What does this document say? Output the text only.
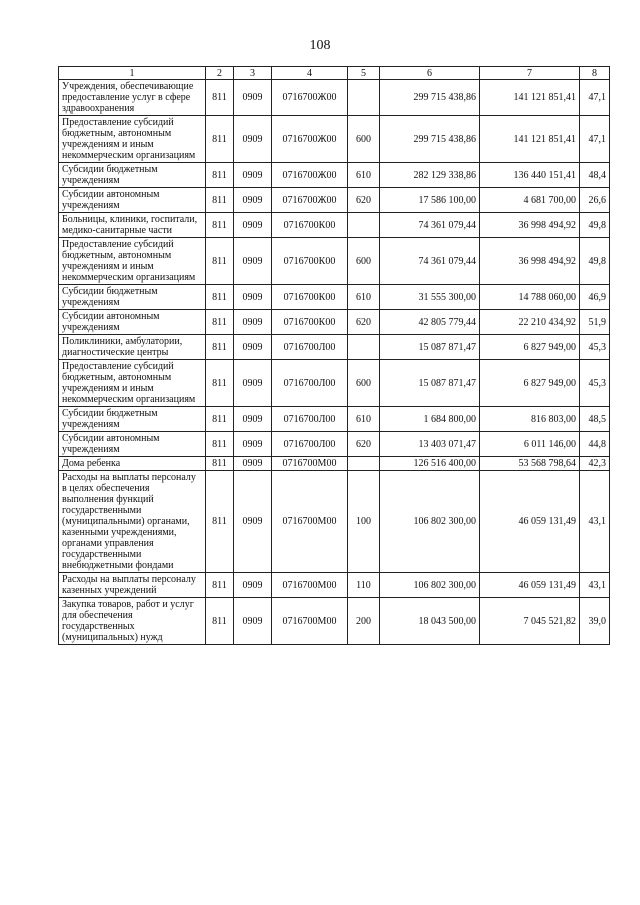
108
1	2	3	4	5	6	7	8
Учреждения, обеспечивающие предоставление услуг в сфере здравоохранения	811	0909	0716700Ж00		299 715 438,86	141 121 851,41	47,1
Предоставление субсидий бюджетным, автономным учреждениям и иным некоммерческим организациям	811	0909	0716700Ж00	600	299 715 438,86	141 121 851,41	47,1
Субсидии бюджетным учреждениям	811	0909	0716700Ж00	610	282 129 338,86	136 440 151,41	48,4
Субсидии автономным учреждениям	811	0909	0716700Ж00	620	17 586 100,00	4 681 700,00	26,6
Больницы, клиники, госпитали, медико-санитарные части	811	0909	0716700К00		74 361 079,44	36 998 494,92	49,8
Предоставление субсидий бюджетным, автономным учреждениям и иным некоммерческим организациям	811	0909	0716700К00	600	74 361 079,44	36 998 494,92	49,8
Субсидии бюджетным учреждениям	811	0909	0716700К00	610	31 555 300,00	14 788 060,00	46,9
Субсидии автономным учреждениям	811	0909	0716700К00	620	42 805 779,44	22 210 434,92	51,9
Поликлиники, амбулатории, диагностические центры	811	0909	0716700Л00		15 087 871,47	6 827 949,00	45,3
Предоставление субсидий бюджетным, автономным учреждениям и иным некоммерческим организациям	811	0909	0716700Л00	600	15 087 871,47	6 827 949,00	45,3
Субсидии бюджетным учреждениям	811	0909	0716700Л00	610	1 684 800,00	816 803,00	48,5
Субсидии автономным учреждениям	811	0909	0716700Л00	620	13 403 071,47	6 011 146,00	44,8
Дома ребенка	811	0909	0716700М00		126 516 400,00	53 568 798,64	42,3
Расходы на выплаты персоналу в целях обеспечения выполнения функций государственными (муниципальными) органами, казенными учреждениями, органами управления государственными внебюджетными фондами	811	0909	0716700М00	100	106 802 300,00	46 059 131,49	43,1
Расходы на выплаты персоналу казенных учреждений	811	0909	0716700М00	110	106 802 300,00	46 059 131,49	43,1
Закупка товаров, работ и услуг для обеспечения государственных (муниципальных) нужд	811	0909	0716700М00	200	18 043 500,00	7 045 521,82	39,0
